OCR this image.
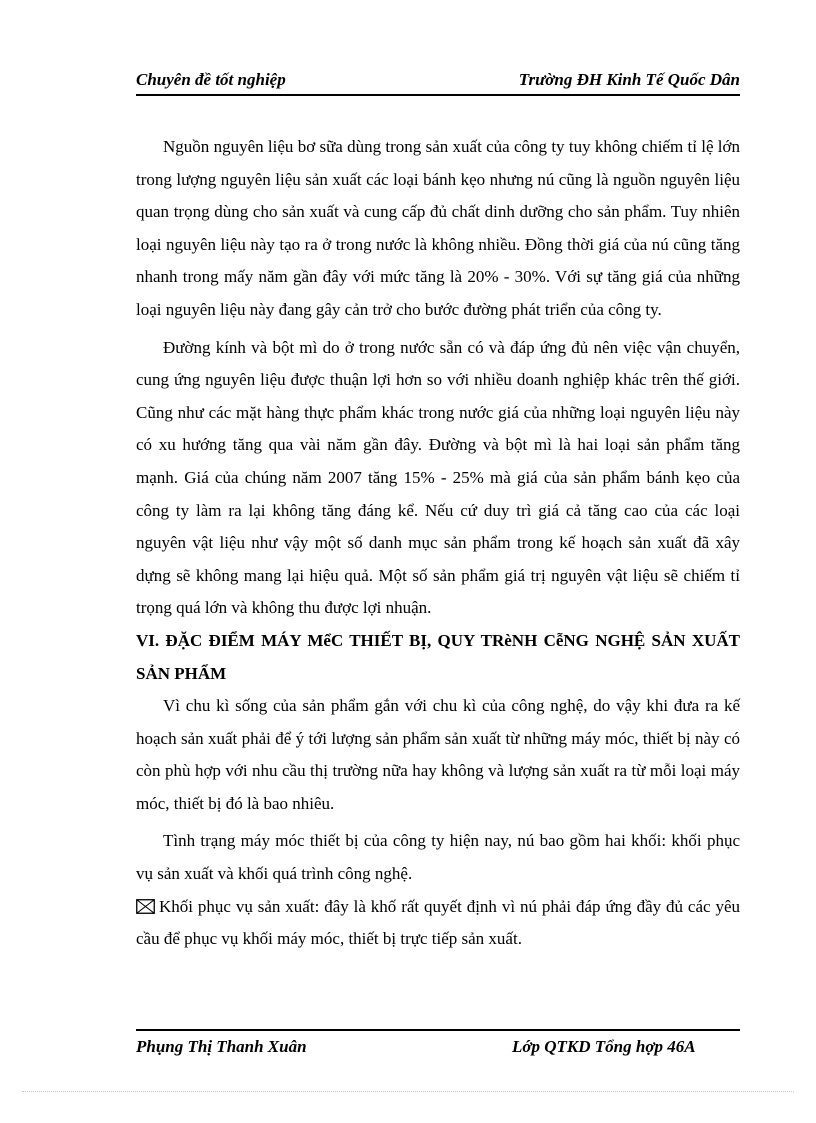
Chuyên đề tốt nghiệp	Trường ĐH Kinh Tế Quốc Dân

Nguồn nguyên liệu bơ sữa dùng trong sản xuất của công ty tuy không chiếm tỉ lệ lớn trong lượng nguyên liệu sản xuất các loại bánh kẹo nhưng nú cũng là nguồn nguyên liệu quan trọng dùng cho sản xuất và cung cấp đủ chất dinh dưỡng cho sản phẩm. Tuy nhiên loại nguyên liệu này tạo ra ở trong nước là không nhiều. Đồng thời giá của nú cũng tăng nhanh trong mấy năm gần đây với mức tăng là 20% - 30%. Với sự tăng giá của những loại nguyên liệu này đang gây cản trở cho bước đường phát triển của công ty.

Đường kính và bột mì do ở trong nước sẵn có và đáp ứng đủ nên việc vận chuyển, cung ứng nguyên liệu được thuận lợi hơn so với nhiều doanh nghiệp khác trên thế giới. Cũng như các mặt hàng thực phẩm khác trong nước giá của những loại nguyên liệu này có xu hướng tăng qua vài năm gần đây. Đường và bột mì là hai loại sản phẩm tăng mạnh. Giá của chúng năm 2007 tăng 15% - 25% mà giá của sản phẩm bánh kẹo của công ty làm ra lại không tăng đáng kể. Nếu cứ duy trì giá cả tăng cao của các loại nguyên vật liệu như vậy một số danh mục sản phẩm trong kế hoạch sản xuất đã xây dựng sẽ không mang lại hiệu quả. Một số sản phẩm giá trị nguyên vật liệu sẽ chiếm tỉ trọng quá lớn và không thu được lợi nhuận.

VI. ĐẶC ĐIỂM MÁY MểC THIẾT BỊ, QUY TRèNH CễNG NGHỆ SẢN XUẤT SẢN PHẨM

Vì chu kì sống của sản phẩm gắn với chu kì của công nghệ, do vậy khi đưa ra kế hoạch sản xuất phải để ý tới lượng sản phẩm sản xuất từ những máy móc, thiết bị này có còn phù hợp với nhu cầu thị trường nữa hay không và lượng sản xuất ra từ mỗi loại máy móc, thiết bị đó là bao nhiêu.

Tình trạng máy móc thiết bị của công ty hiện nay, nú bao gồm hai khối: khối phục vụ sản xuất và khối quá trình công nghệ.

Khối phục vụ sản xuất: đây là khố rất quyết định vì nú phải đáp ứng đầy đủ các yêu cầu để phục vụ khối máy móc, thiết bị trực tiếp sản xuất.

Phụng Thị Thanh Xuân	Lớp QTKD Tổng hợp 46A
